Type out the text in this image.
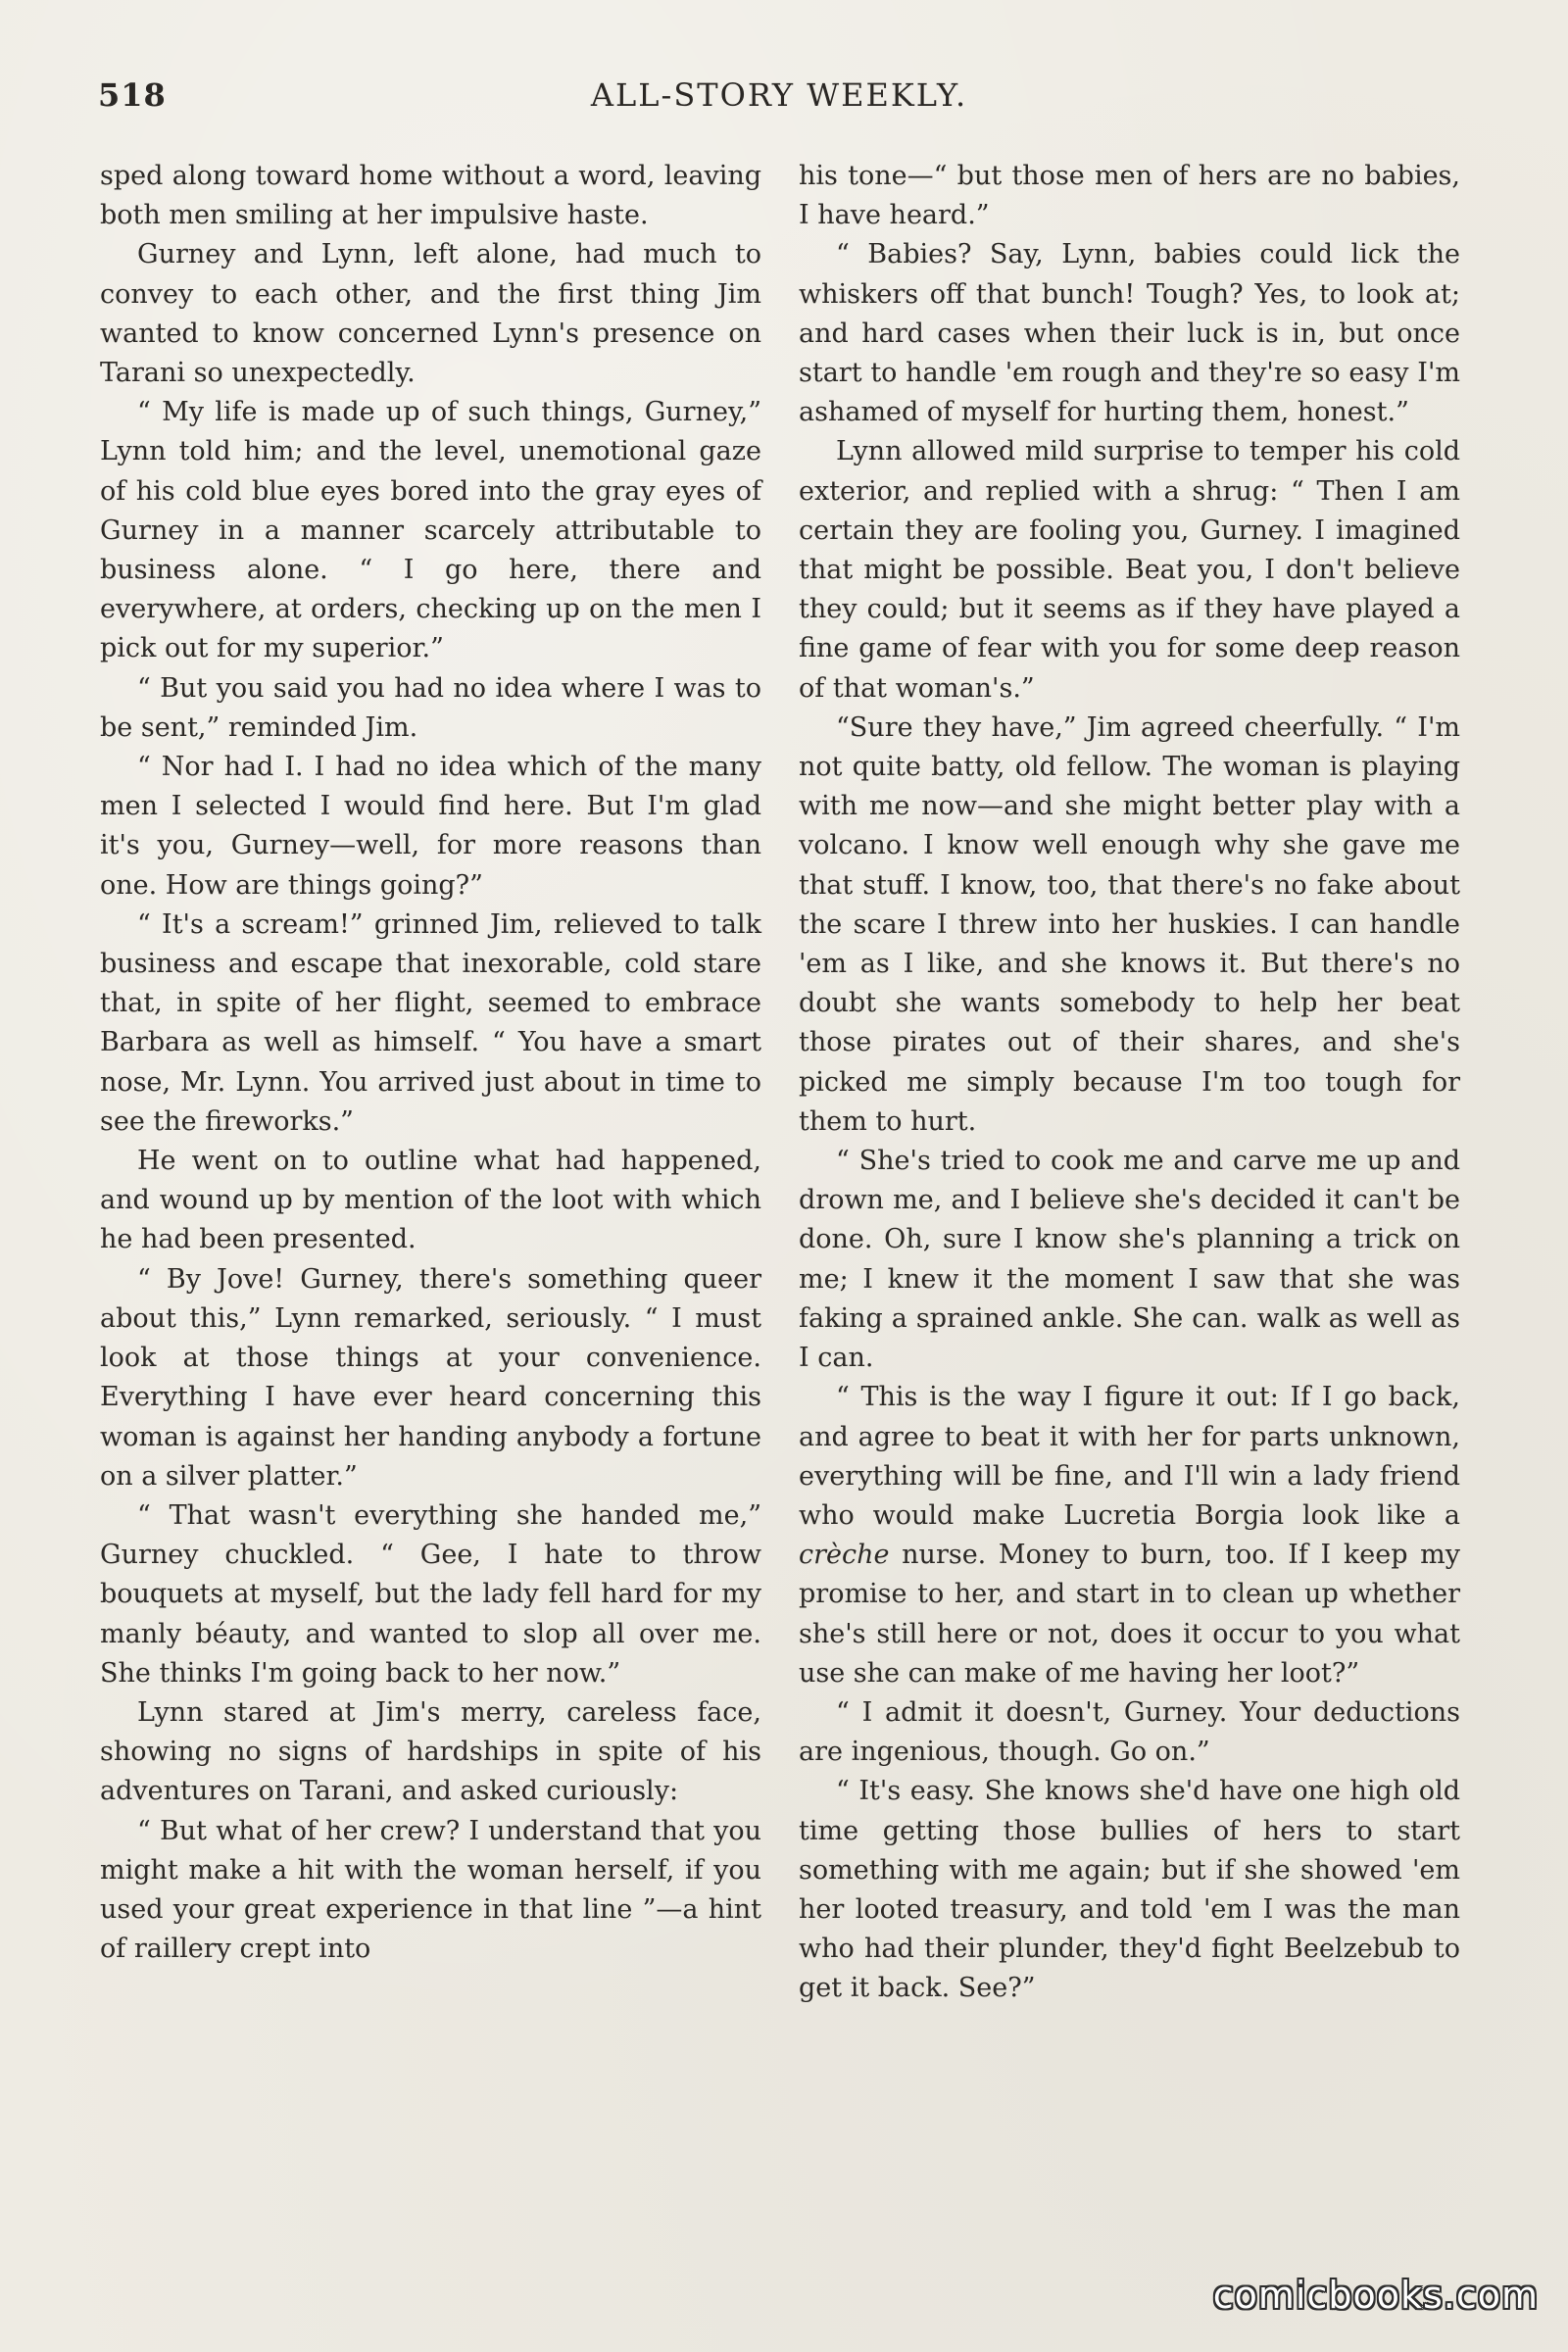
518	ALL-STORY WEEKLY.

sped along toward home without a word, leaving both men smiling at her impulsive haste.

Gurney and Lynn, left alone, had much to convey to each other, and the first thing Jim wanted to know concerned Lynn's presence on Tarani so unexpectedly.

“ My life is made up of such things, Gurney,” Lynn told him; and the level, unemotional gaze of his cold blue eyes bored into the gray eyes of Gurney in a manner scarcely attributable to business alone. “ I go here, there and everywhere, at orders, checking up on the men I pick out for my superior.”

“ But you said you had no idea where I was to be sent,” reminded Jim.

“ Nor had I. I had no idea which of the many men I selected I would find here. But I'm glad it's you, Gurney—well, for more reasons than one. How are things going?”

“ It's a scream!” grinned Jim, relieved to talk business and escape that inexorable, cold stare that, in spite of her flight, seemed to embrace Barbara as well as himself. “ You have a smart nose, Mr. Lynn. You arrived just about in time to see the fireworks.”

He went on to outline what had happened, and wound up by mention of the loot with which he had been presented.

“ By Jove! Gurney, there's something queer about this,” Lynn remarked, seriously. “ I must look at those things at your convenience. Everything I have ever heard concerning this woman is against her handing anybody a fortune on a silver platter.”

“ That wasn't everything she handed me,” Gurney chuckled. “ Gee, I hate to throw bouquets at myself, but the lady fell hard for my manly béauty, and wanted to slop all over me. She thinks I'm going back to her now.”

Lynn stared at Jim's merry, careless face, showing no signs of hardships in spite of his adventures on Tarani, and asked curiously:

“ But what of her crew? I understand that you might make a hit with the woman herself, if you used your great experience in that line ”—a hint of raillery crept into

his tone—“ but those men of hers are no babies, I have heard.”

“ Babies? Say, Lynn, babies could lick the whiskers off that bunch! Tough? Yes, to look at; and hard cases when their luck is in, but once start to handle 'em rough and they're so easy I'm ashamed of myself for hurting them, honest.”

Lynn allowed mild surprise to temper his cold exterior, and replied with a shrug: “ Then I am certain they are fooling you, Gurney. I imagined that might be possible. Beat you, I don't believe they could; but it seems as if they have played a fine game of fear with you for some deep reason of that woman's.”

“Sure they have,” Jim agreed cheerfully. “ I'm not quite batty, old fellow. The woman is playing with me now—and she might better play with a volcano. I know well enough why she gave me that stuff. I know, too, that there's no fake about the scare I threw into her huskies. I can handle 'em as I like, and she knows it. But there's no doubt she wants somebody to help her beat those pirates out of their shares, and she's picked me simply because I'm too tough for them to hurt.

“ She's tried to cook me and carve me up and drown me, and I believe she's decided it can't be done. Oh, sure I know she's planning a trick on me; I knew it the moment I saw that she was faking a sprained ankle. She can. walk as well as I can.

“ This is the way I figure it out: If I go back, and agree to beat it with her for parts unknown, everything will be fine, and I'll win a lady friend who would make Lucretia Borgia look like a crèche nurse. Money to burn, too. If I keep my promise to her, and start in to clean up whether she's still here or not, does it occur to you what use she can make of me having her loot?”

“ I admit it doesn't, Gurney. Your deductions are ingenious, though. Go on.”

“ It's easy. She knows she'd have one high old time getting those bullies of hers to start something with me again; but if she showed 'em her looted treasury, and told 'em I was the man who had their plunder, they'd fight Beelzebub to get it back. See?”

comicbooks.com
